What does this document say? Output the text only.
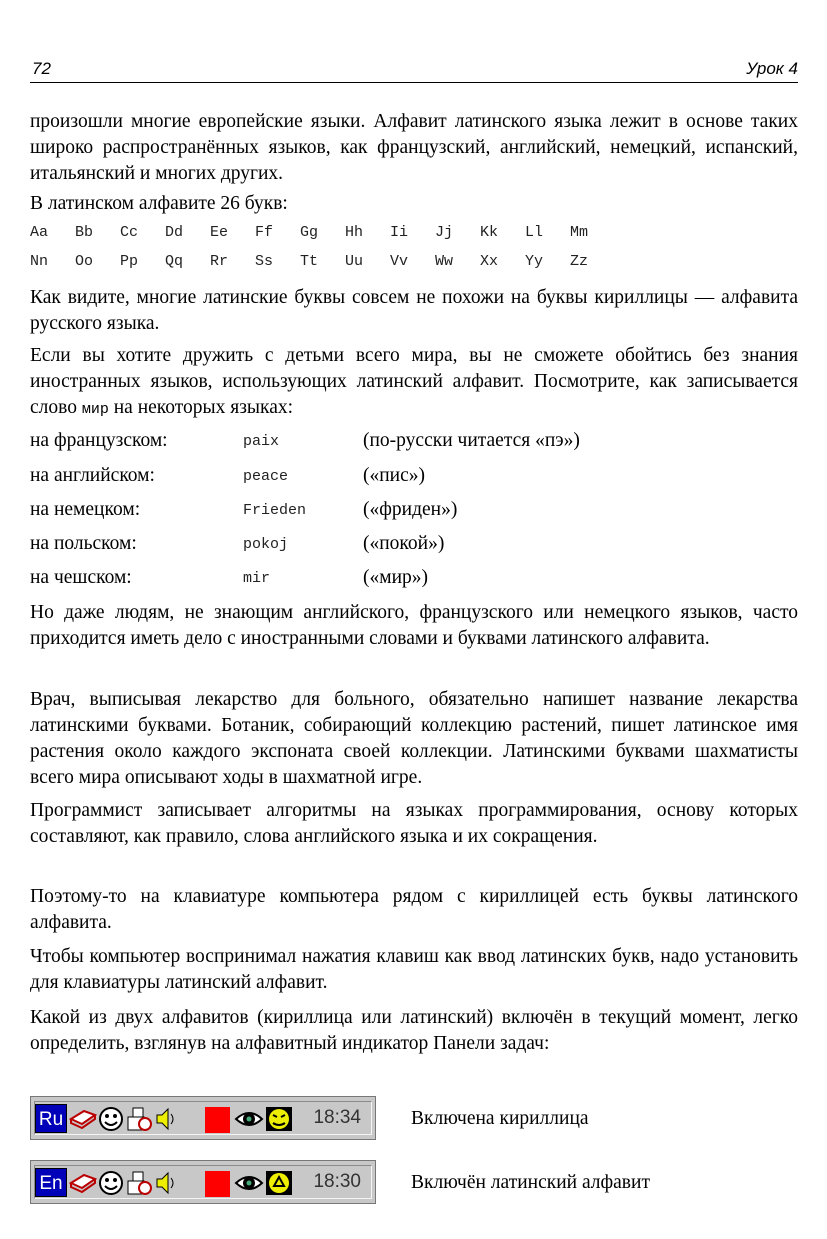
72	Урок 4
произошли многие европейские языки. Алфавит латинского языка лежит в основе таких широко распространённых языков, как французский, английский, немецкий, испанский, итальянский и многих других.
В латинском алфавите 26 букв:
Aa Bb Cc Dd Ee Ff Gg Hh Ii Jj Kk Ll Mm
Nn Oo Pp Qq Rr Ss Tt Uu Vv Ww Xx Yy Zz
Как видите, многие латинские буквы совсем не похожи на буквы кириллицы — алфавита русского языка.
Если вы хотите дружить с детьми всего мира, вы не сможете обойтись без знания иностранных языков, использующих латинский алфавит. Посмотрите, как записывается слово мир на некоторых языках:
на французском:	paix	(по-русски читается «пэ»)
на английском:	peace	(«пис»)
на немецком:	Frieden	(«фриден»)
на польском:	pokoj	(«покой»)
на чешском:	mir	(«мир»)
Но даже людям, не знающим английского, французского или немецкого языков, часто приходится иметь дело с иностранными словами и буквами латинского алфавита.
Врач, выписывая лекарство для больного, обязательно напишет название лекарства латинскими буквами. Ботаник, собирающий коллекцию растений, пишет латинское имя растения около каждого экспоната своей коллекции. Латинскими буквами шахматисты всего мира описывают ходы в шахматной игре.
Программист записывает алгоритмы на языках программирования, основу которых составляют, как правило, слова английского языка и их сокращения.
Поэтому-то на клавиатуре компьютера рядом с кириллицей есть буквы латинского алфавита.
Чтобы компьютер воспринимал нажатия клавиш как ввод латинских букв, надо установить для клавиатуры латинский алфавит.
Какой из двух алфавитов (кириллица или латинский) включён в текущий момент, легко определить, взглянув на алфавитный индикатор Панели задач:
Ru	18:34	Включена кириллица
En	18:30	Включён латинский алфавит
